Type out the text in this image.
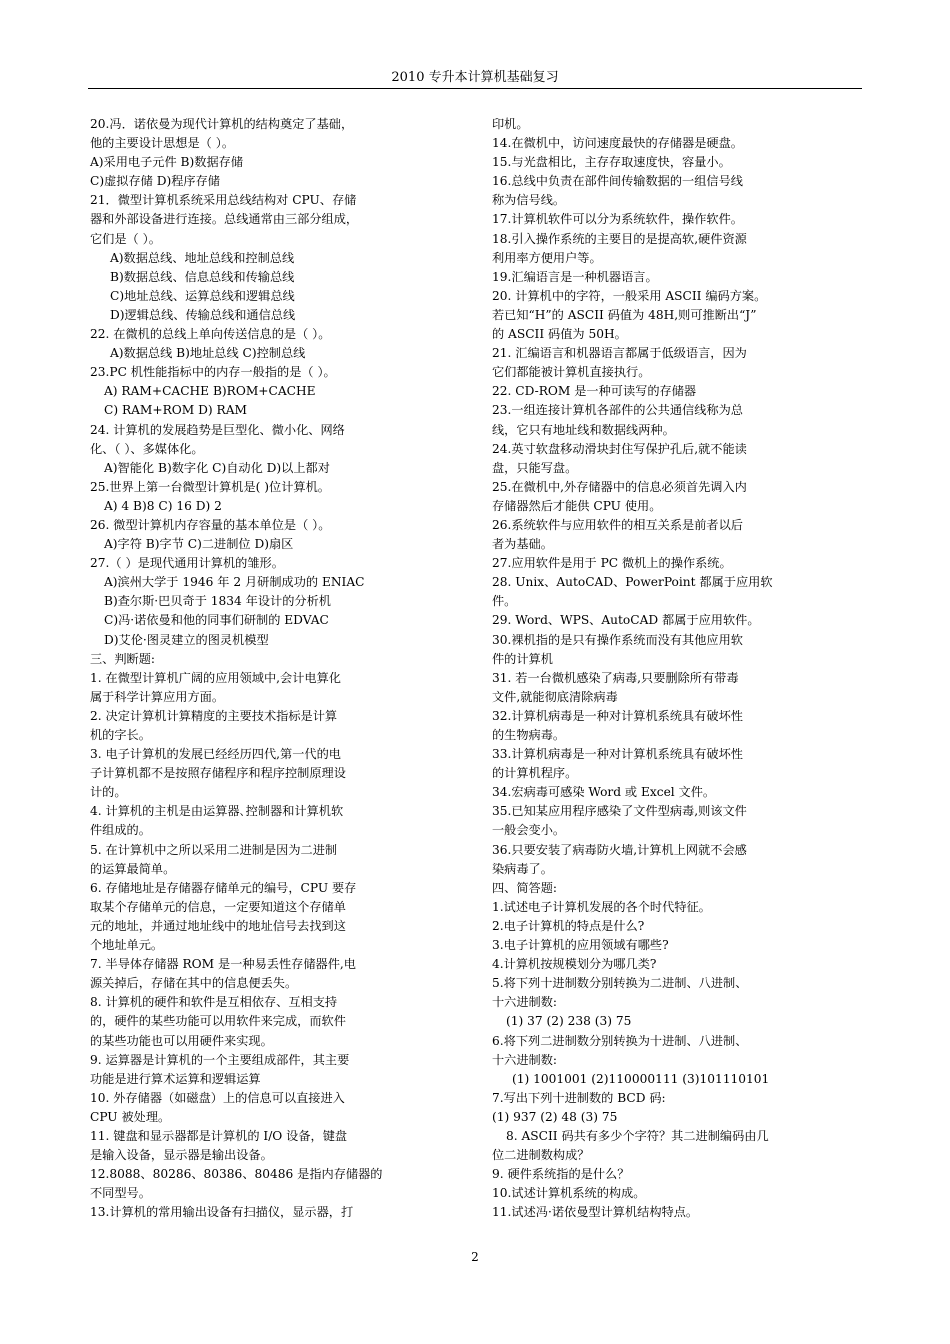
2010 专升本计算机基础复习
20.冯．诺依曼为现代计算机的结构奠定了基础，
他的主要设计思想是（ ）。
A)采用电子元件 B)数据存储
C)虚拟存储 D)程序存储
21．微型计算机系统采用总线结构对 CPU、存储
器和外部设备进行连接。总线通常由三部分组成，
它们是（ ）。
A)数据总线、地址总线和控制总线
B)数据总线、信息总线和传输总线
C)地址总线、运算总线和逻辑总线
D)逻辑总线、传输总线和通信总线
22. 在微机的总线上单向传送信息的是（ ）。
A)数据总线 B)地址总线 C)控制总线
23.PC 机性能指标中的内存一般指的是（ ）。
A) RAM+CACHE B)ROM+CACHE
C) RAM+ROM D) RAM
24. 计算机的发展趋势是巨型化、微小化、网络
化、（ ）、多媒体化。
A)智能化 B)数字化 C)自动化 D)以上都对
25.世界上第一台微型计算机是( )位计算机。
A) 4 B)8 C) 16 D) 2
26. 微型计算机内存容量的基本单位是（ ）。
A)字符 B)字节 C)二进制位 D)扇区
27.（ ）是现代通用计算机的雏形。
A)滨州大学于 1946 年 2 月研制成功的 ENIAC
B)查尔斯·巴贝奇于 1834 年设计的分析机
C)冯·诺依曼和他的同事们研制的 EDVAC
D)艾伦·图灵建立的图灵机模型
三、判断题:
1. 在微型计算机广阔的应用领域中,会计电算化
属于科学计算应用方面。
2. 决定计算机计算精度的主要技术指标是计算
机的字长。
3. 电子计算机的发展已经经历四代,第一代的电
子计算机都不是按照存储程序和程序控制原理设
计的。
4. 计算机的主机是由运算器､控制器和计算机软
件组成的。
5. 在计算机中之所以采用二进制是因为二进制
的运算最简单。
6. 存储地址是存储器存储单元的编号，CPU 要存
取某个存储单元的信息，一定要知道这个存储单
元的地址，并通过地址线中的地址信号去找到这
个地址单元。
7. 半导体存储器 ROM 是一种易丢性存储器件,电
源关掉后，存储在其中的信息便丢失。
8. 计算机的硬件和软件是互相依存、互相支持
的，硬件的某些功能可以用软件来完成，而软件
的某些功能也可以用硬件来实现。
9. 运算器是计算机的一个主要组成部件，其主要
功能是进行算术运算和逻辑运算
10. 外存储器（如磁盘）上的信息可以直接进入
CPU 被处理。
11. 键盘和显示器都是计算机的 I/O 设备，键盘
是输入设备，显示器是输出设备。
12.8088、80286、80386、80486 是指内存储器的
不同型号。
13.计算机的常用输出设备有扫描仪，显示器，打
印机。
14.在微机中，访问速度最快的存储器是硬盘。
15.与光盘相比，主存存取速度快，容量小。
16.总线中负责在部件间传输数据的一组信号线
称为信号线。
17.计算机软件可以分为系统软件，操作软件。
18.引入操作系统的主要目的是提高软,硬件资源
利用率方便用户等。
19.汇编语言是一种机器语言。
20. 计算机中的字符，一般采用 ASCII 编码方案。
若已知“H”的 ASCII 码值为 48H,则可推断出“J”
的 ASCII 码值为 50H。
21. 汇编语言和机器语言都属于低级语言，因为
它们都能被计算机直接执行。
22. CD-ROM 是一种可读写的存储器
23.一组连接计算机各部件的公共通信线称为总
线，它只有地址线和数据线两种。
24.英寸软盘移动滑块封住写保护孔后,就不能读
盘，只能写盘。
25.在微机中,外存储器中的信息必须首先调入内
存储器然后才能供 CPU 使用。
26.系统软件与应用软件的相互关系是前者以后
者为基础。
27.应用软件是用于 PC 微机上的操作系统。
28. Unix、AutoCAD、PowerPoint 都属于应用软
件。
29. Word、WPS、AutoCAD 都属于应用软件。
30.裸机指的是只有操作系统而没有其他应用软
件的计算机
31. 若一台微机感染了病毒,只要删除所有带毒
文件,就能彻底清除病毒
32.计算机病毒是一种对计算机系统具有破坏性
的生物病毒。
33.计算机病毒是一种对计算机系统具有破坏性
的计算机程序。
34.宏病毒可感染 Word 或 Excel 文件。
35.已知某应用程序感染了文件型病毒,则该文件
一般会变小。
36.只要安装了病毒防火墙,计算机上网就不会感
染病毒了。
四、简答题:
1.试述电子计算机发展的各个时代特征。
2.电子计算机的特点是什么?
3.电子计算机的应用领域有哪些?
4.计算机按规模划分为哪几类?
5.将下列十进制数分别转换为二进制、八进制、
十六进制数:
(1) 37 (2) 238 (3) 75
6.将下列二进制数分别转换为十进制、八进制、
十六进制数:
(1) 1001001 (2)110000111 (3)101110101
7.写出下列十进制数的 BCD 码:
(1) 937 (2) 48 (3) 75
8. ASCII 码共有多少个字符？其二进制编码由几
位二进制数构成？
9. 硬件系统指的是什么？
10.试述计算机系统的构成。
11.试述冯·诺依曼型计算机结构特点。
2
